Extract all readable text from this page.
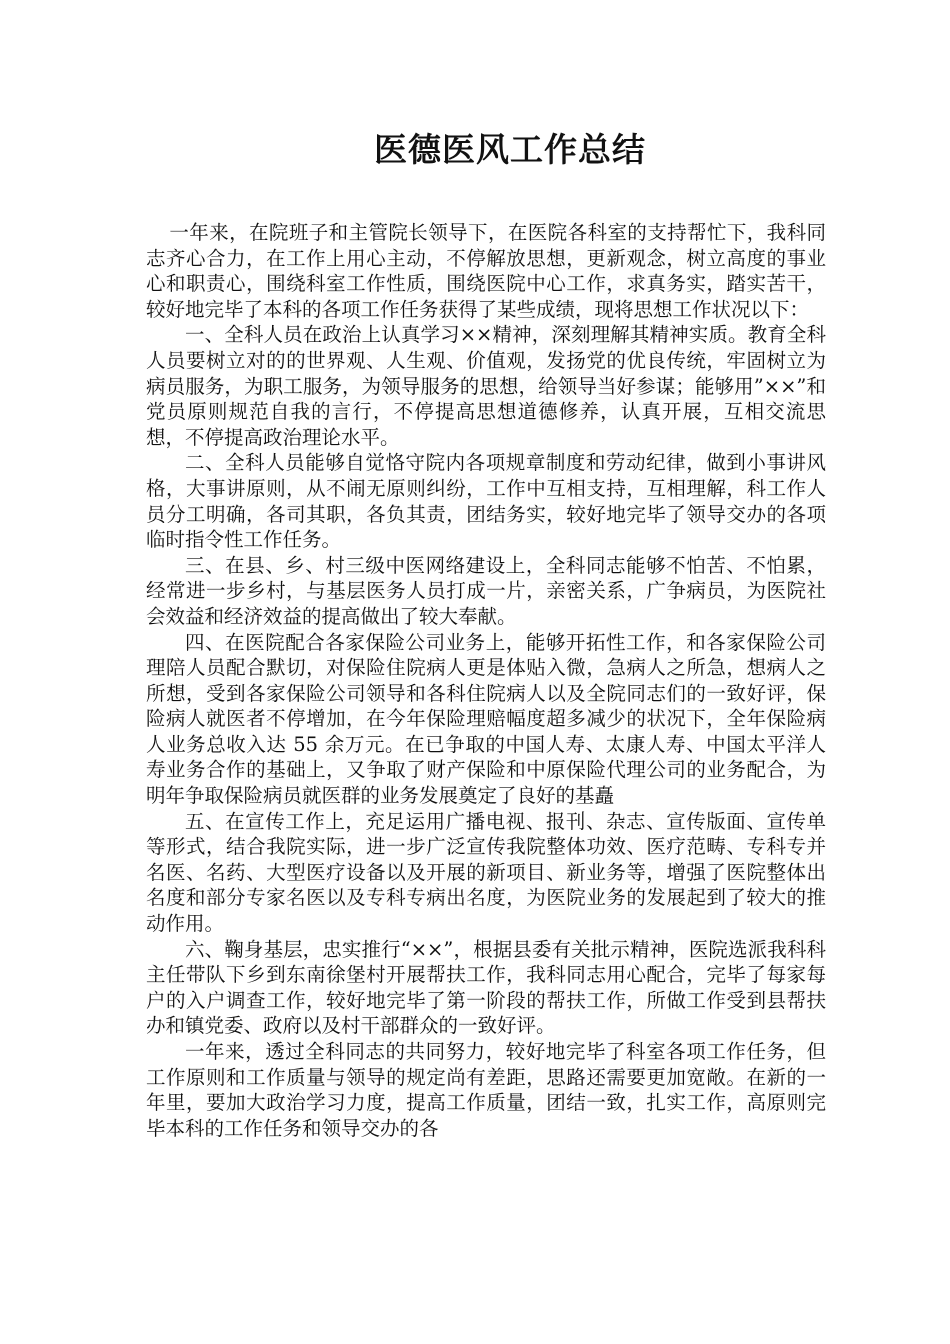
医德医风工作总结

一年来，在院班子和主管院长领导下，在医院各科室的支持帮忙下，我科同志齐心合力，在工作上用心主动，不停解放思想，更新观念，树立高度的事业心和职责心，围绕科室工作性质，围绕医院中心工作，求真务实，踏实苦干，较好地完毕了本科的各项工作任务获得了某些成绩，现将思想工作状况以下：

一、全科人员在政治上认真学习××精神，深刻理解其精神实质。教育全科人员要树立对的的世界观、人生观、价值观，发扬党的优良传统，牢固树立为病员服务，为职工服务，为领导服务的思想，给领导当好参谋；能够用”××”和党员原则规范自我的言行，不停提高思想道德修养，认真开展，互相交流思想，不停提高政治理论水平。

二、全科人员能够自觉恪守院内各项规章制度和劳动纪律，做到小事讲风格，大事讲原则，从不闹无原则纠纷，工作中互相支持，互相理解，科工作人员分工明确，各司其职，各负其责，团结务实，较好地完毕了领导交办的各项临时指令性工作任务。

三、在县、乡、村三级中医网络建设上，全科同志能够不怕苦、不怕累，经常进一步乡村，与基层医务人员打成一片，亲密关系，广争病员，为医院社会效益和经济效益的提高做出了较大奉献。

四、在医院配合各家保险公司业务上，能够开拓性工作，和各家保险公司理陪人员配合默切，对保险住院病人更是体贴入微，急病人之所急，想病人之所想，受到各家保险公司领导和各科住院病人以及全院同志们的一致好评，保险病人就医者不停增加，在今年保险理赔幅度超多减少的状况下，全年保险病人业务总收入达 55 余万元。在已争取的中国人寿、太康人寿、中国太平洋人寿业务合作的基础上，又争取了财产保险和中原保险代理公司的业务配合，为明年争取保险病员就医群的业务发展奠定了良好的基矗

五、在宣传工作上，充足运用广播电视、报刊、杂志、宣传版面、宣传单等形式，结合我院实际，进一步广泛宣传我院整体功效、医疗范畴、专科专并名医、名药、大型医疗设备以及开展的新项目、新业务等，增强了医院整体出名度和部分专家名医以及专科专病出名度，为医院业务的发展起到了较大的推动作用。

六、鞠身基层，忠实推行“××”，根据县委有关批示精神，医院选派我科科主任带队下乡到东南徐堡村开展帮扶工作，我科同志用心配合，完毕了每家每户的入户调查工作，较好地完毕了第一阶段的帮扶工作，所做工作受到县帮扶办和镇党委、政府以及村干部群众的一致好评。

一年来，透过全科同志的共同努力，较好地完毕了科室各项工作任务，但工作原则和工作质量与领导的规定尚有差距，思路还需要更加宽敞。在新的一年里，要加大政治学习力度，提高工作质量，团结一致，扎实工作，高原则完毕本科的工作任务和领导交办的各
